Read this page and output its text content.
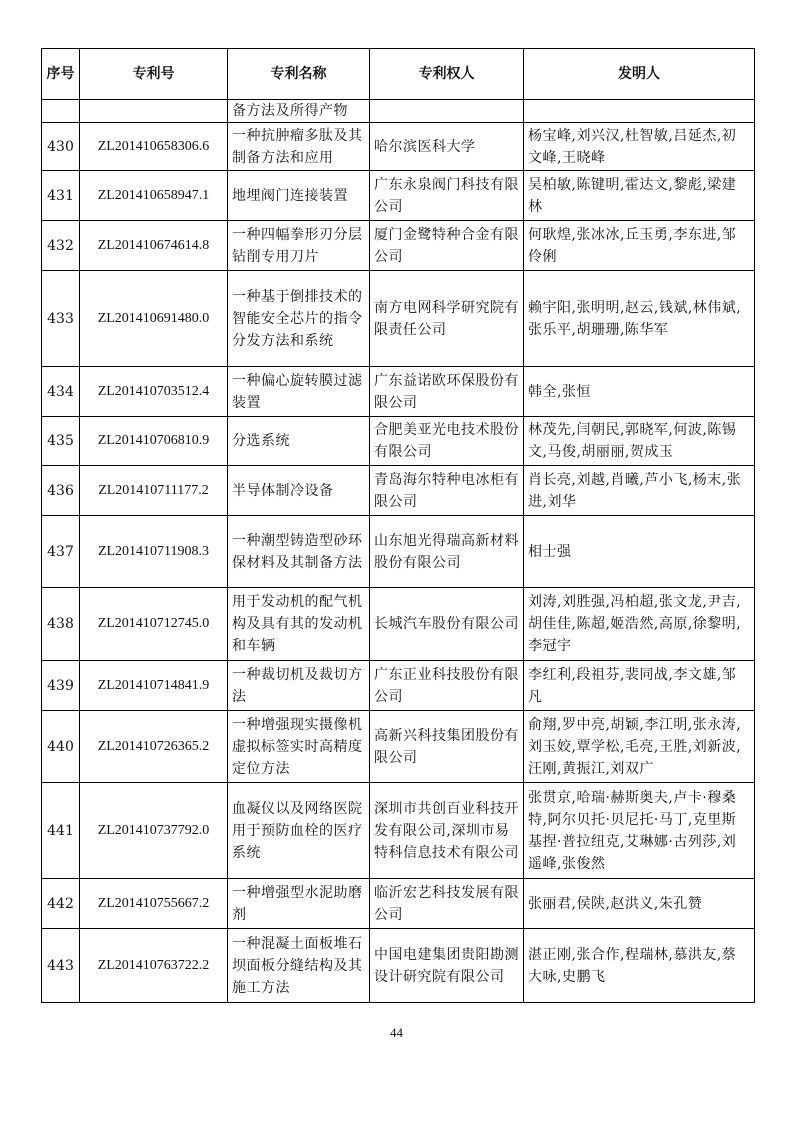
序号	专利号	专利名称	专利权人	发明人
		备方法及所得产物		
430	ZL201410658306.6	一种抗肿瘤多肽及其制备方法和应用	哈尔滨医科大学	杨宝峰,刘兴汉,杜智敏,吕延杰,初文峰,王晓峰
431	ZL201410658947.1	地埋阀门连接装置	广东永泉阀门科技有限公司	吴柏敏,陈键明,霍达文,黎彪,梁建林
432	ZL201410674614.8	一种四幅拳形刃分层钻削专用刀片	厦门金鹭特种合金有限公司	何耿煌,张冰冰,丘玉勇,李东进,邹伶俐
433	ZL201410691480.0	一种基于倒排技术的智能安全芯片的指令分发方法和系统	南方电网科学研究院有限责任公司	赖宇阳,张明明,赵云,钱斌,林伟斌,张乐平,胡珊珊,陈华军
434	ZL201410703512.4	一种偏心旋转膜过滤装置	广东益诺欧环保股份有限公司	韩全,张恒
435	ZL201410706810.9	分选系统	合肥美亚光电技术股份有限公司	林茂先,闫朝民,郭晓军,何波,陈锡文,马俊,胡丽丽,贺成玉
436	ZL201410711177.2	半导体制冷设备	青岛海尔特种电冰柜有限公司	肖长亮,刘越,肖曦,芦小飞,杨末,张进,刘华
437	ZL201410711908.3	一种潮型铸造型砂环保材料及其制备方法	山东旭光得瑞高新材料股份有限公司	相士强
438	ZL201410712745.0	用于发动机的配气机构及具有其的发动机和车辆	长城汽车股份有限公司	刘涛,刘胜强,冯柏超,张文龙,尹吉,胡佳佳,陈超,姬浩然,高原,徐黎明,李冠宇
439	ZL201410714841.9	一种裁切机及裁切方法	广东正业科技股份有限公司	李红利,段祖芬,裴同战,李文雄,邹凡
440	ZL201410726365.2	一种增强现实摄像机虚拟标签实时高精度定位方法	高新兴科技集团股份有限公司	俞翔,罗中亮,胡颖,李江明,张永涛,刘玉姣,覃学松,毛亮,王胜,刘新波,汪刚,黄振江,刘双广
441	ZL201410737792.0	血凝仪以及网络医院用于预防血栓的医疗系统	深圳市共创百业科技开发有限公司,深圳市易特科信息技术有限公司	张贯京,哈瑞·赫斯奥夫,卢卡·穆桑特,阿尔贝托·贝尼托·马丁,克里斯基捏·普拉纽克,艾琳娜·古列莎,刘遥峰,张俊然
442	ZL201410755667.2	一种增强型水泥助磨剂	临沂宏艺科技发展有限公司	张丽君,侯陕,赵洪义,朱孔赞
443	ZL201410763722.2	一种混凝土面板堆石坝面板分缝结构及其施工方法	中国电建集团贵阳勘测设计研究院有限公司	湛正刚,张合作,程瑞林,慕洪友,蔡大咏,史鹏飞
44
